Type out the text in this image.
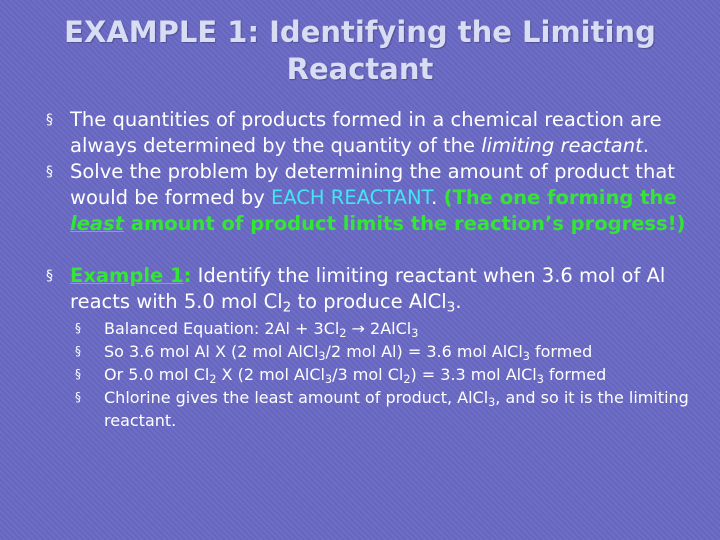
EXAMPLE 1: Identifying the Limiting
Reactant
§ The quantities of products formed in a chemical reaction are always determined by the quantity of the limiting reactant.
§ Solve the problem by determining the amount of product that would be formed by EACH REACTANT. (The one forming the least amount of product limits the reaction’s progress!)
§ Example 1: Identify the limiting reactant when 3.6 mol of Al reacts with 5.0 mol $Cl_2$ to produce AlCl$_3$.
§ Balanced Equation: $2Al + 3Cl_2$ → 2AlCl$_3$
§ So 3.6 mol Al X (2 mol AlCl$_3$/2 mol Al) = 3.6 mol AlCl$_3$ formed
§ Or 5.0 mol $Cl_2$ X (2 mol AlCl$_3$/3 mol $Cl_2) = 3.3$ mol AlCl$_3$ formed
§ Chlorine gives the least amount of product, AlCl$_3$, and so it is the limiting reactant.
